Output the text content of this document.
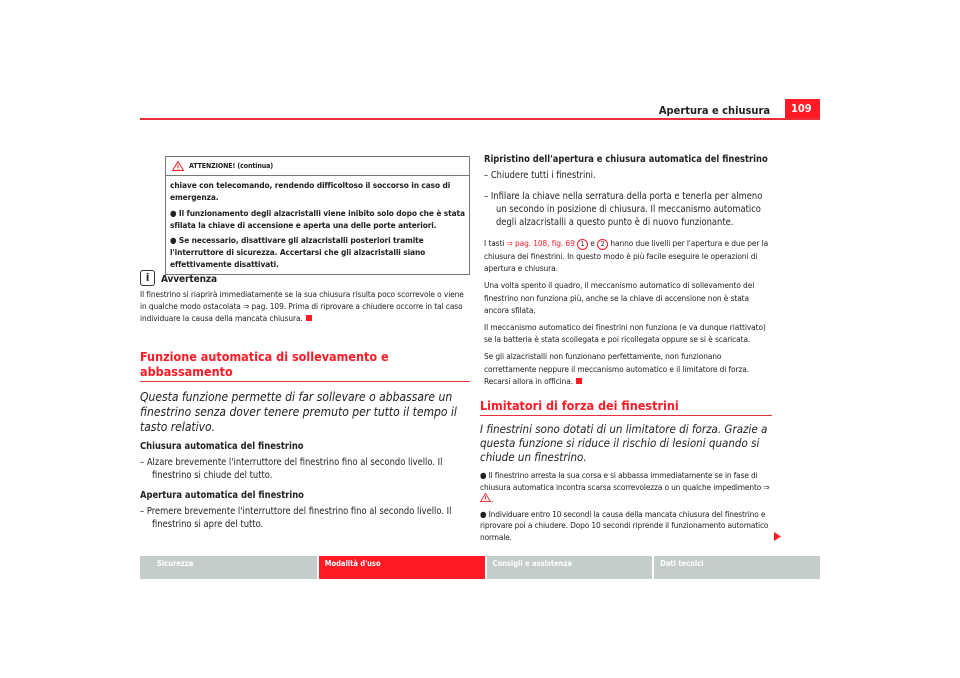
Apertura e chiusura	109
ATTENZIONE! (continua)

chiave con telecomando, rendendo difficoltoso il soccorso in caso di emergenza.

● Il funzionamento degli alzacristalli viene inibito solo dopo che è stata sfilata la chiave di accensione e aperta una delle porte anteriori.

● Se necessario, disattivare gli alzacristalli posteriori tramite l'interruttore di sicurezza. Accertarsi che gli alzacristalli siano effettivamente disattivati.

i	Avvertenza
Il finestrino si riaprirà immediatamente se la sua chiusura risulta poco scorrevole o viene in qualche modo ostacolata ⇒ pag. 109. Prima di riprovare a chiudere occorre in tal caso individuare la causa della mancata chiusura.
Funzione automatica di sollevamento e abbassamento
Questa funzione permette di far sollevare o abbassare un finestrino senza dover tenere premuto per tutto il tempo il tasto relativo.
Chiusura automatica del finestrino
– Alzare brevemente l'interruttore del finestrino fino al secondo livello. Il finestrino si chiude del tutto.
Apertura automatica del finestrino
– Premere brevemente l'interruttore del finestrino fino al secondo livello. Il finestrino si apre del tutto.
Ripristino dell'apertura e chiusura automatica del finestrino
– Chiudere tutti i finestrini.
– Infilare la chiave nella serratura della porta e tenerla per almeno un secondo in posizione di chiusura. Il meccanismo automatico degli alzacristalli a questo punto è di nuovo funzionante.

I tasti ⇒ pag. 108, fig. 69 1 e 2 hanno due livelli per l'apertura e due per la chiusura dei finestrini. In questo modo è più facile eseguire le operazioni di apertura e chiusura.

Una volta spento il quadro, il meccanismo automatico di sollevamento del finestrino non funziona più, anche se la chiave di accensione non è stata ancora sfilata.

Il meccanismo automatico dei finestrini non funziona (e va dunque riattivato) se la batteria è stata scollegata e poi ricollegata oppure se si è scaricata.

Se gli alzacristalli non funzionano perfettamente, non funzionano correttamente neppure il meccanismo automatico e il limitatore di forza. Recarsi allora in officina.

Limitatori di forza dei finestrini
I finestrini sono dotati di un limitatore di forza. Grazie a questa funzione si riduce il rischio di lesioni quando si chiude un finestrino.

● Il finestrino arresta la sua corsa e si abbassa immediatamente se in fase di chiusura automatica incontra scarsa scorrevolezza o un qualche impedimento ⇒ .

● Individuare entro 10 secondi la causa della mancata chiusura del finestrino e riprovare poi a chiudere. Dopo 10 secondi riprende il funzionamento automatico normale.

Sicurezza	Modalità d'uso	Consigli e assistenza	Dati tecnici
